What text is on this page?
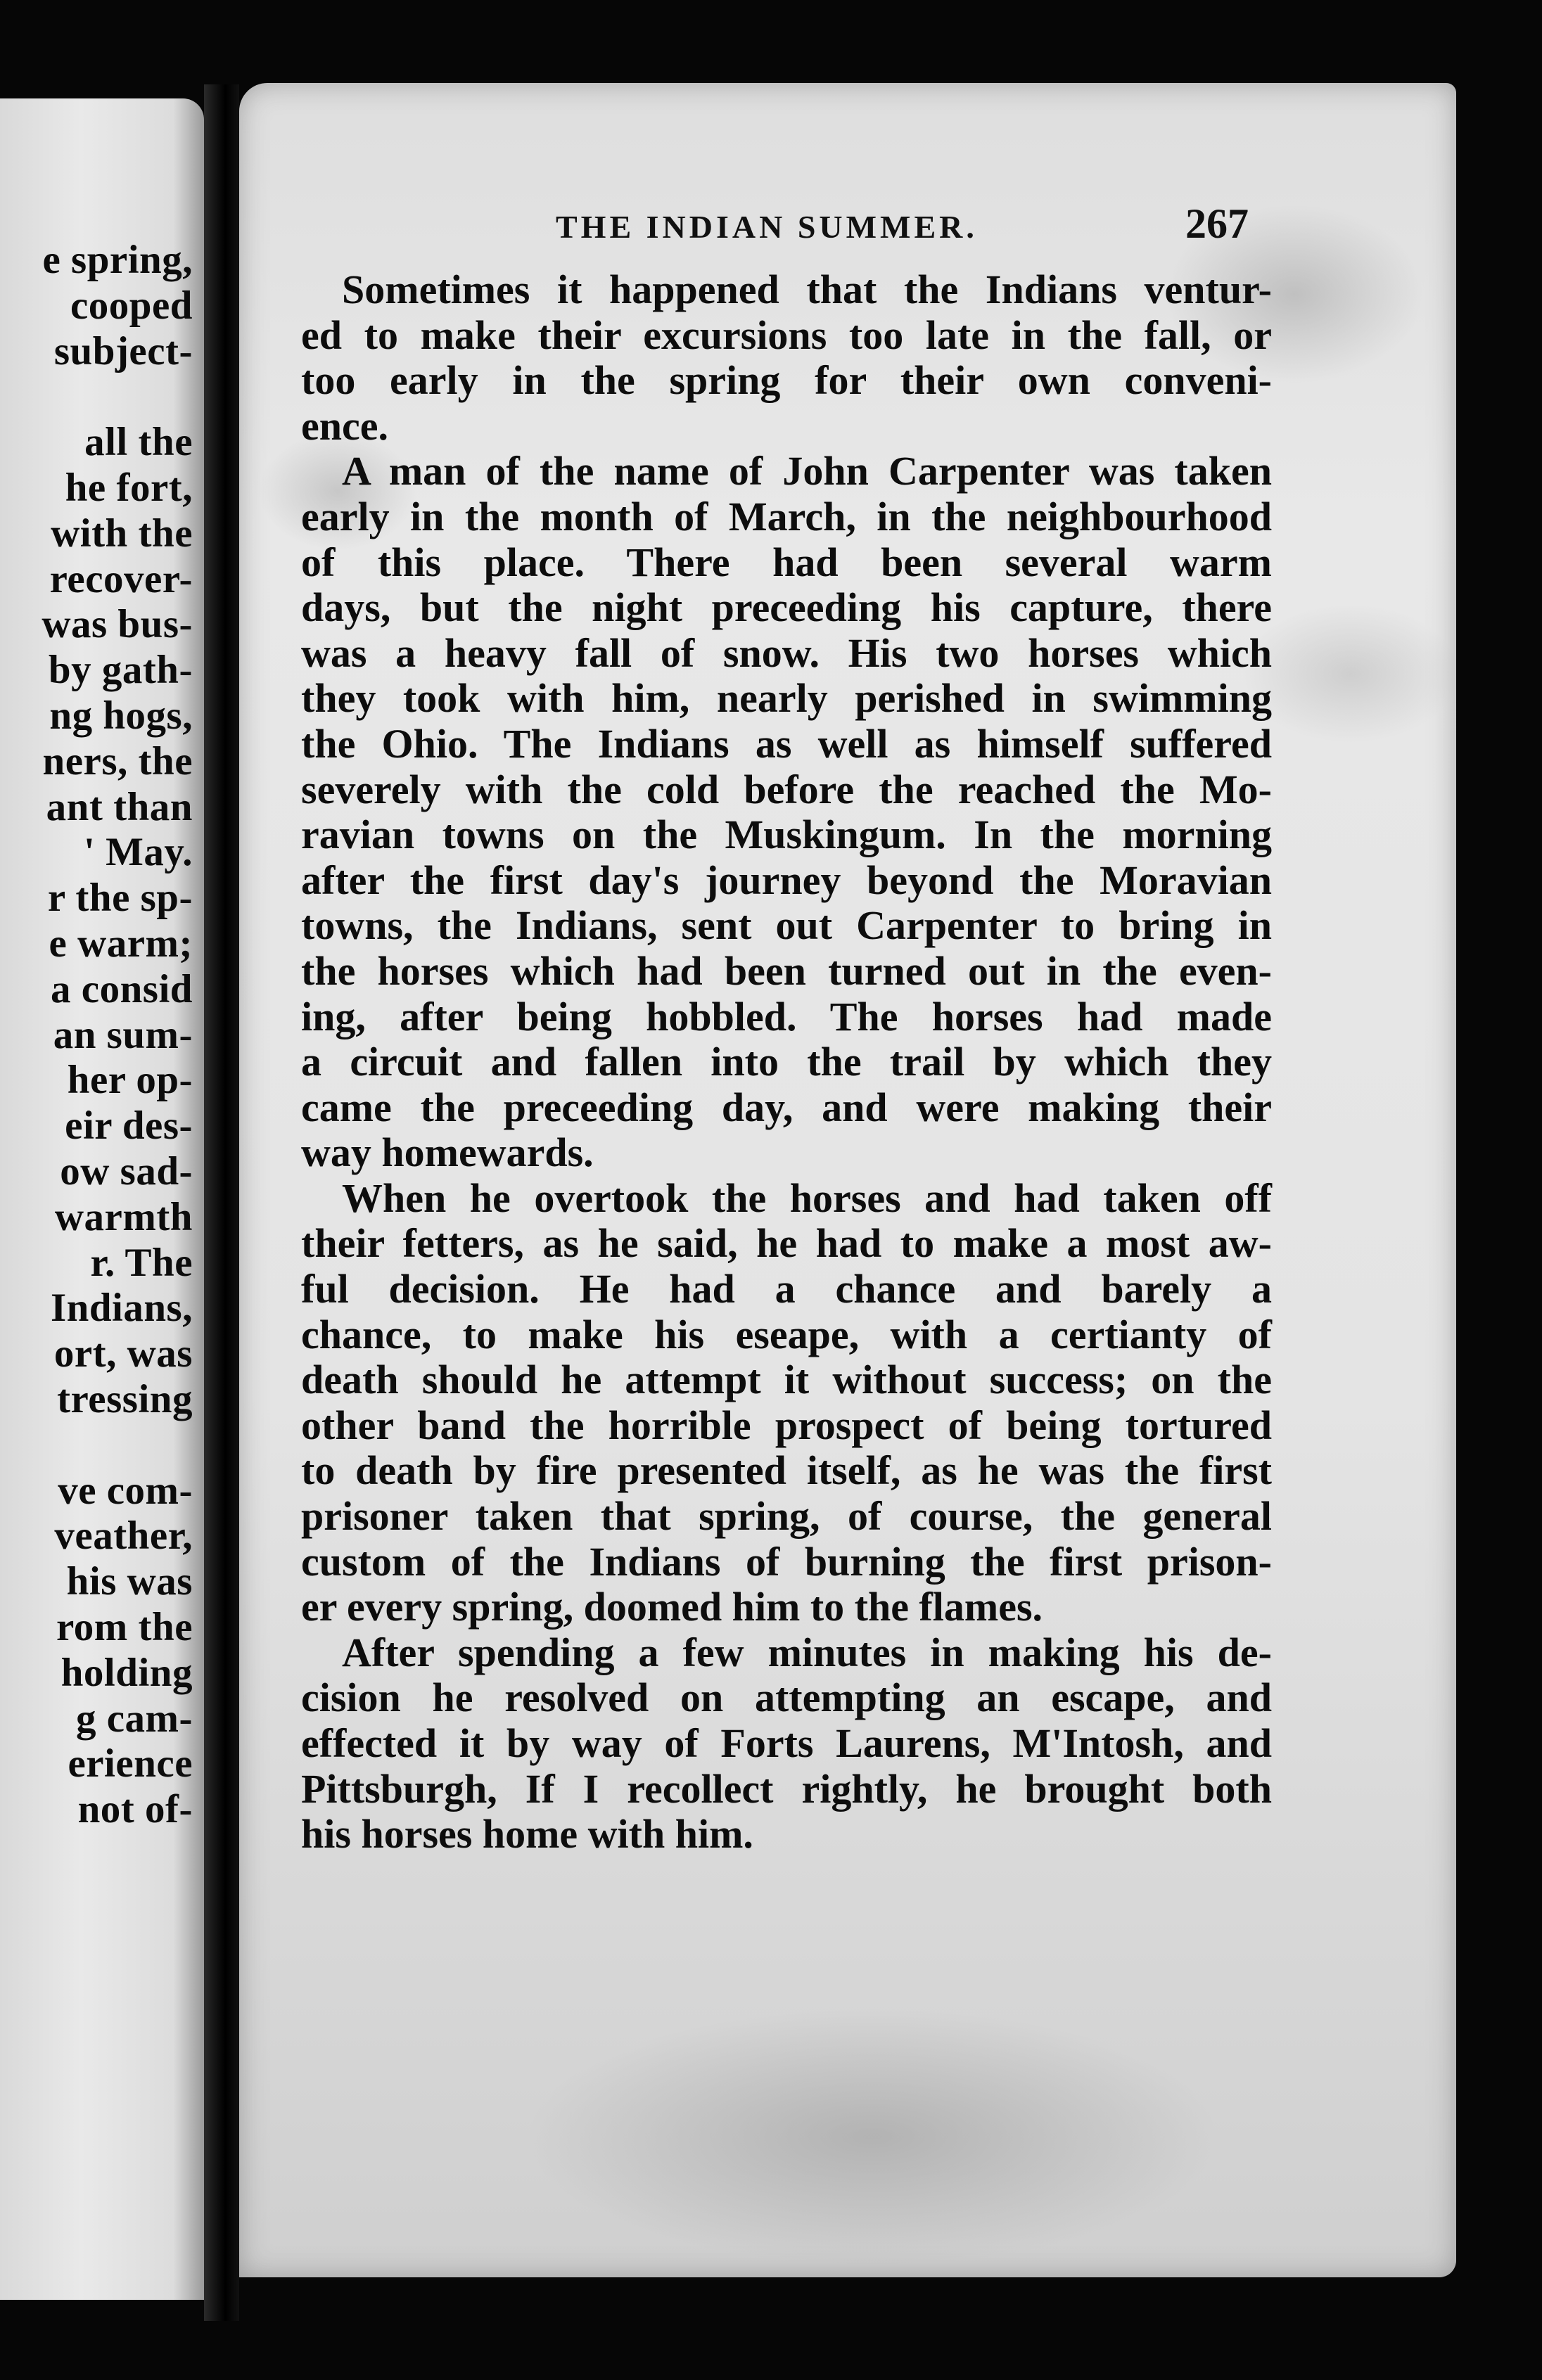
e spring,
cooped
subject-
all the
he fort,
with the
recover-
was bus-
by gath-
ng hogs,
ners, the
ant than
' May.
r the sp-
e warm;
a consid
an sum-
her op-
eir des-
ow sad-
warmth
r. The
Indians,
ort, was
tressing
ve com-
veather,
his was
rom the
holding
g cam-
erience
not of-
THE INDIAN SUMMER.	267
Sometimes it happened that the Indians ventur-
ed to make their excursions too late in the fall, or
too early in the spring for their own conveni-
ence.
A man of the name of John Carpenter was taken
early in the month of March, in the neighbourhood
of this place. There had been several warm
days, but the night preceeding his capture, there
was a heavy fall of snow. His two horses which
they took with him, nearly perished in swimming
the Ohio. The Indians as well as himself suffered
severely with the cold before the reached the Mo-
ravian towns on the Muskingum. In the morning
after the first day's journey beyond the Moravian
towns, the Indians, sent out Carpenter to bring in
the horses which had been turned out in the even-
ing, after being hobbled. The horses had made
a circuit and fallen into the trail by which they
came the preceeding day, and were making their
way homewards.
When he overtook the horses and had taken off
their fetters, as he said, he had to make a most aw-
ful decision. He had a chance and barely a
chance, to make his eseape, with a certianty of
death should he attempt it without success; on the
other band the horrible prospect of being tortured
to death by fire presented itself, as he was the first
prisoner taken that spring, of course, the general
custom of the Indians of burning the first prison-
er every spring, doomed him to the flames.
After spending a few minutes in making his de-
cision he resolved on attempting an escape, and
effected it by way of Forts Laurens, M'Intosh, and
Pittsburgh, If I recollect rightly, he brought both
his horses home with him.
